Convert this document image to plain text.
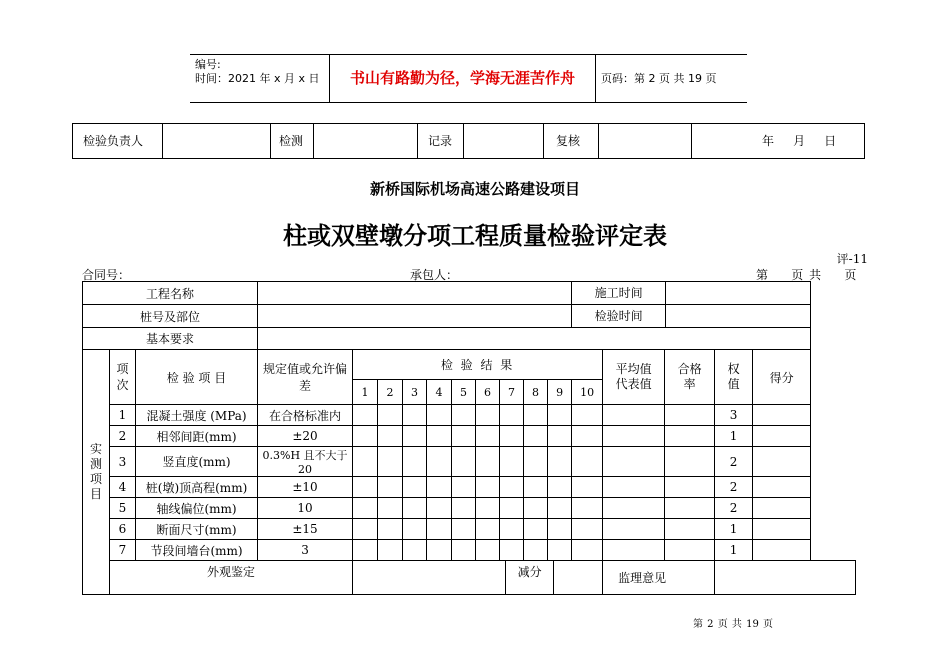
编号:
时间：2021 年 x 月 x 日	书山有路勤为径，学海无涯苦作舟	页码：第 2 页 共 19 页
检验负责人	检测	记录	复核	年     月     日
新桥国际机场高速公路建设项目
柱或双壁墩分项工程质量检验评定表
评-11
合同号：	承包人：	第    页 共    页
工程名称													施工时间				

桩号及部位													检验时间				

基本要求																	
实测项目	项次	检 验 项 目	规定值或允许偏差	检 验 结 果										平均值代表值	合格率	权值	得分
				1	2	3	4	5	6	7	8	9	10				
	1	混凝土强度 (MPa)	在合格标准内													3	
	2	相邻间距(mm)	±20													1	
	3	竖直度(mm)	0.3%H 且不大于 20													2	
	4	桩(墩)顶高程(mm)	±10													2	
	5	轴线偏位(mm)	10													2	
	6	断面尺寸(mm)	±15													1	
	7	节段间墙台(mm)	3													1	
	外观鉴定			减分										监理意见			

第 2 页 共 19 页
